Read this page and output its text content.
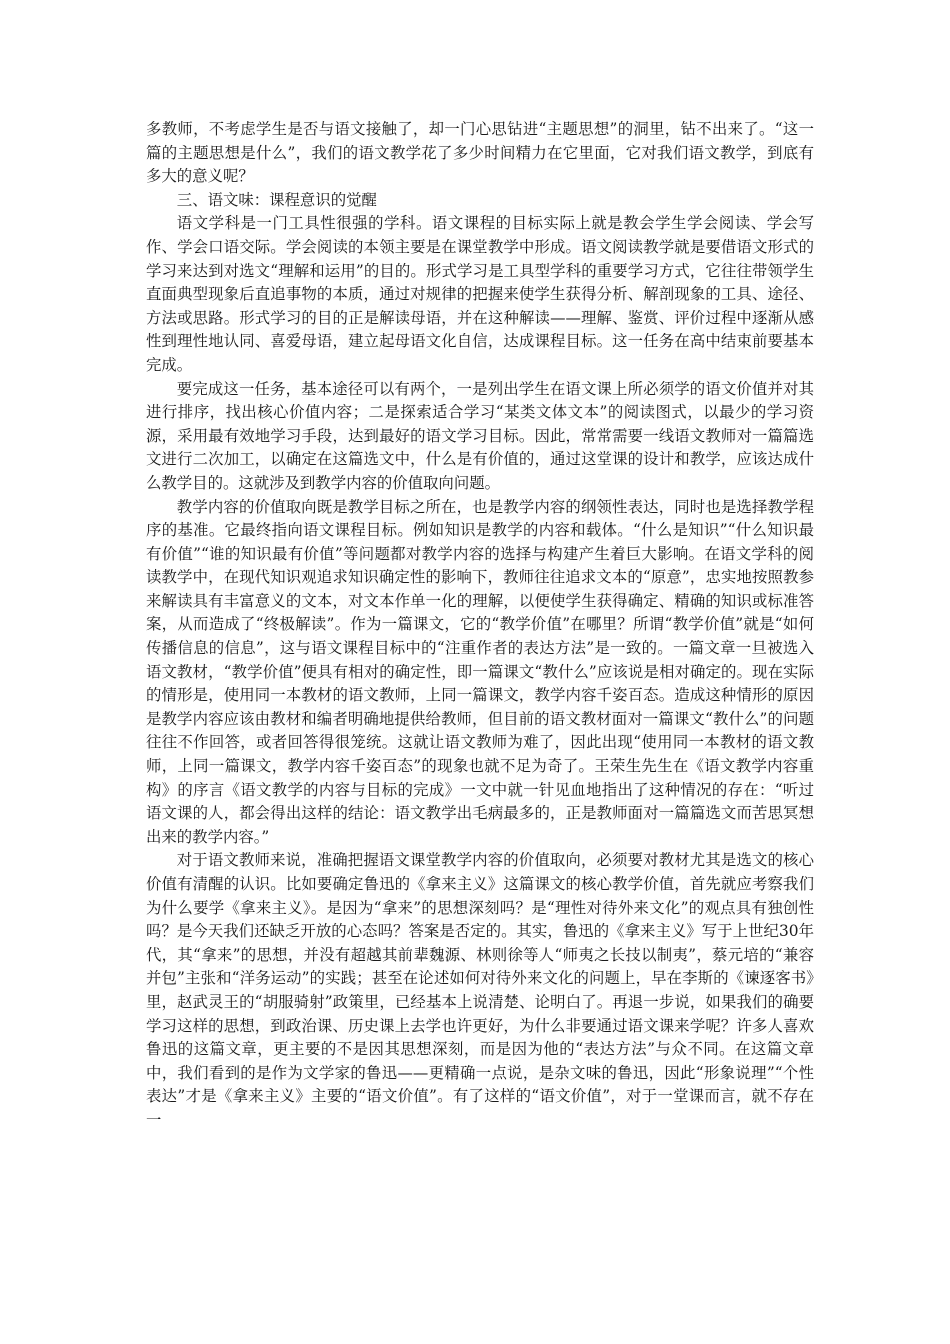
多教师，不考虑学生是否与语文接触了，却一门心思钻进“主题思想”的洞里，钻不出来了。“这一篇的主题思想是什么”，我们的语文教学花了多少时间精力在它里面，它对我们语文教学，到底有多大的意义呢？

三、语文味：课程意识的觉醒

语文学科是一门工具性很强的学科。语文课程的目标实际上就是教会学生学会阅读、学会写作、学会口语交际。学会阅读的本领主要是在课堂教学中形成。语文阅读教学就是要借语文形式的学习来达到对选文“理解和运用”的目的。形式学习是工具型学科的重要学习方式，它往往带领学生直面典型现象后直追事物的本质，通过对规律的把握来使学生获得分析、解剖现象的工具、途径、方法或思路。形式学习的目的正是解读母语，并在这种解读——理解、鉴赏、评价过程中逐渐从感性到理性地认同、喜爱母语，建立起母语文化自信，达成课程目标。这一任务在高中结束前要基本完成。

要完成这一任务，基本途径可以有两个，一是列出学生在语文课上所必须学的语文价值并对其进行排序，找出核心价值内容；二是探索适合学习“某类文体文本”的阅读图式，以最少的学习资源，采用最有效地学习手段，达到最好的语文学习目标。因此，常常需要一线语文教师对一篇篇选文进行二次加工，以确定在这篇选文中，什么是有价值的，通过这堂课的设计和教学，应该达成什么教学目的。这就涉及到教学内容的价值取向问题。

教学内容的价值取向既是教学目标之所在，也是教学内容的纲领性表达，同时也是选择教学程序的基准。它最终指向语文课程目标。例如知识是教学的内容和载体。“什么是知识”“什么知识最有价值”“谁的知识最有价值”等问题都对教学内容的选择与构建产生着巨大影响。在语文学科的阅读教学中，在现代知识观追求知识确定性的影响下，教师往往追求文本的“原意”，忠实地按照教参来解读具有丰富意义的文本，对文本作单一化的理解，以便使学生获得确定、精确的知识或标准答案，从而造成了“终极解读”。作为一篇课文，它的“教学价值”在哪里？所谓“教学价值”就是“如何传播信息的信息”，这与语文课程目标中的“注重作者的表达方法”是一致的。一篇文章一旦被选入语文教材，“教学价值”便具有相对的确定性，即一篇课文“教什么”应该说是相对确定的。现在实际的情形是，使用同一本教材的语文教师，上同一篇课文，教学内容千姿百态。造成这种情形的原因是教学内容应该由教材和编者明确地提供给教师，但目前的语文教材面对一篇课文“教什么”的问题往往不作回答，或者回答得很笼统。这就让语文教师为难了，因此出现“使用同一本教材的语文教师，上同一篇课文，教学内容千姿百态”的现象也就不足为奇了。王荣生先生在《语文教学内容重构》的序言《语文教学的内容与目标的完成》一文中就一针见血地指出了这种情况的存在：“听过语文课的人，都会得出这样的结论：语文教学出毛病最多的，正是教师面对一篇篇选文而苦思冥想出来的教学内容。”

对于语文教师来说，准确把握语文课堂教学内容的价值取向，必须要对教材尤其是选文的核心价值有清醒的认识。比如要确定鲁迅的《拿来主义》这篇课文的核心教学价值，首先就应考察我们为什么要学《拿来主义》。是因为“拿来”的思想深刻吗？是“理性对待外来文化”的观点具有独创性吗？是今天我们还缺乏开放的心态吗？答案是否定的。其实，鲁迅的《拿来主义》写于上世纪30年代，其“拿来”的思想，并没有超越其前辈魏源、林则徐等人“师夷之长技以制夷”，蔡元培的“兼容并包”主张和“洋务运动”的实践；甚至在论述如何对待外来文化的问题上，早在李斯的《谏逐客书》里，赵武灵王的“胡服骑射”政策里，已经基本上说清楚、论明白了。再退一步说，如果我们的确要学习这样的思想，到政治课、历史课上去学也许更好，为什么非要通过语文课来学呢？许多人喜欢鲁迅的这篇文章，更主要的不是因其思想深刻，而是因为他的“表达方法”与众不同。在这篇文章中，我们看到的是作为文学家的鲁迅——更精确一点说，是杂文味的鲁迅，因此“形象说理”“个性表达”才是《拿来主义》主要的“语文价值”。有了这样的“语文价值”，对于一堂课而言，就不存在一
